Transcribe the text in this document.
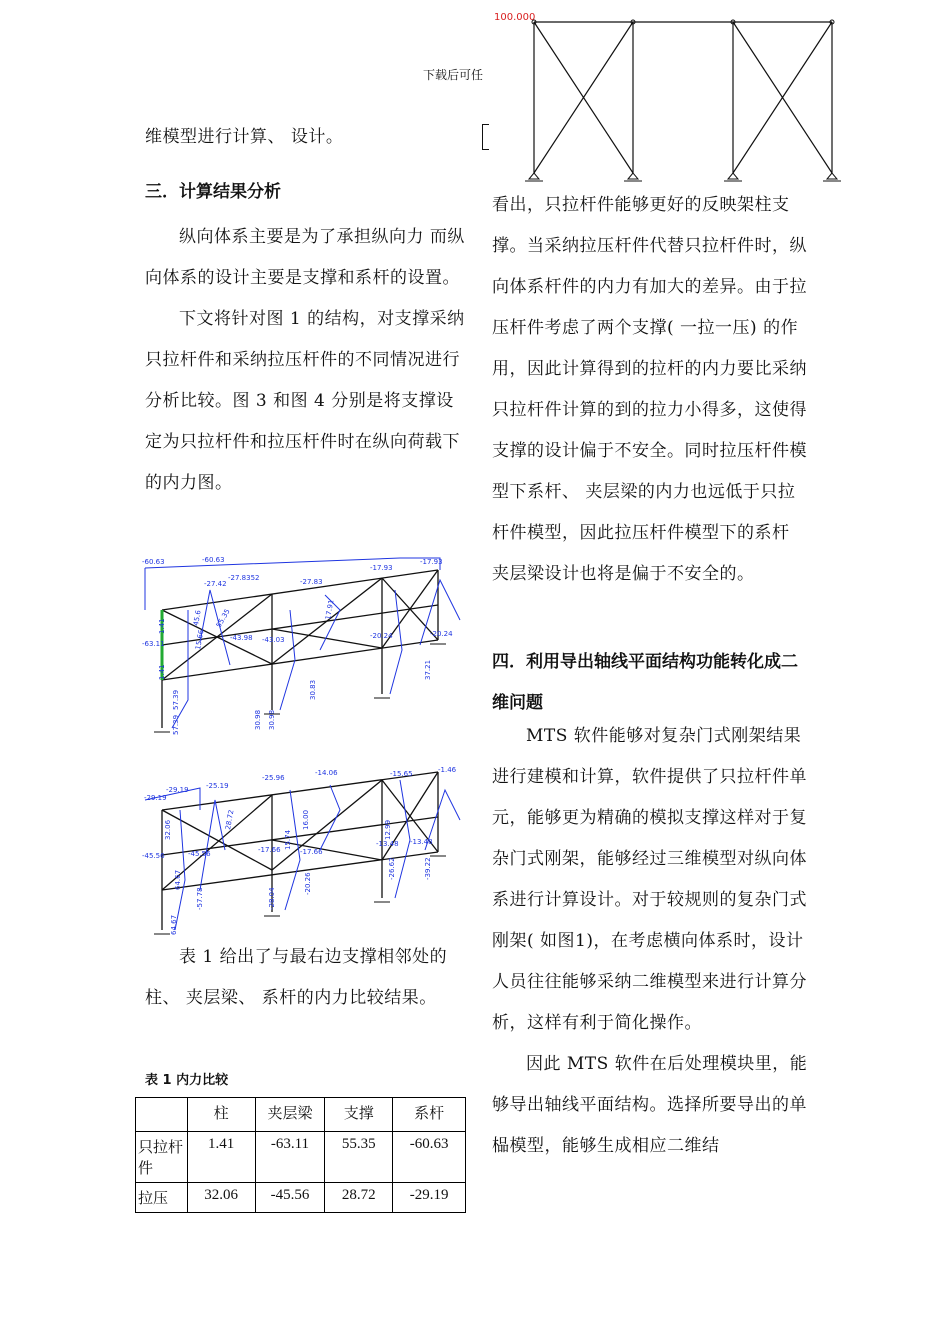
下载后可任
100.000
维模型进行计算、 设计。
三．计算结果分析

纵向体系主要是为了承担纵向力 而纵向体系的设计主要是支撑和系杆的设置。

下文将针对图 1 的结构，对支撑采纳只拉杆件和采纳拉压杆件的不同情况进行分析比较。图 3 和图 4 分别是将支撑设定为只拉杆件和拉压杆件时在纵向荷载下的内力图。

-60.63	-60.63
-27.42
-27.8352	-27.83
-17.93
-17.93
-63.11
-43.98 -43.03	-20.24	-20.24
45.6 55.35
15.66
17.91
30.98 30.98
30.83
37.21
57.39
57.39
1.41
1.41
-29.19
-29.19 -25.19
-25.96
-14.06	-15.65	-1.46
-45.56	-45.56	-17.66	-17.66
-13.48 -13.48
32.06	16.00
15.74	12.99
28.72
64.67
64.67
-57.78
-20.26
-28.04
-26.62	-39.22

表 1 给出了与最右边支撑相邻处的柱、 夹层梁、 系杆的内力比较结果。

表 1 内力比较
	柱	夹层梁	支撑	系杆
只拉杆件	1.41	-63.11	55.35	-60.63
拉压	32.06	-45.56	28.72	-29.19

看出，只拉杆件能够更好的反映架柱支撑。当采纳拉压杆件代替只拉杆件时，纵向体系杆件的内力有加大的差异。由于拉压杆件考虑了两个支撑( 一拉一压) 的作用，因此计算得到的拉杆的内力要比采纳只拉杆件计算的到的拉力小得多，这使得支撑的设计偏于不安全。同时拉压杆件模型下系杆、 夹层梁的内力也远低于只拉杆件模型，因此拉压杆件模型下的系杆 夹层梁设计也将是偏于不安全的。

四．利用导出轴线平面结构功能转化成二维问题

MTS 软件能够对复杂门式刚架结果进行建模和计算，软件提供了只拉杆件单元，能够更为精确的模拟支撑这样对于复杂门式刚架，能够经过三维模型对纵向体系进行计算设计。对于较规则的复杂门式刚架( 如图1)，在考虑横向体系时，设计人员往往能够采纳二维模型来进行计算分析，这样有利于简化操作。

因此 MTS 软件在后处理模块里，能够导出轴线平面结构。选择所要导出的单榀模型，能够生成相应二维结
